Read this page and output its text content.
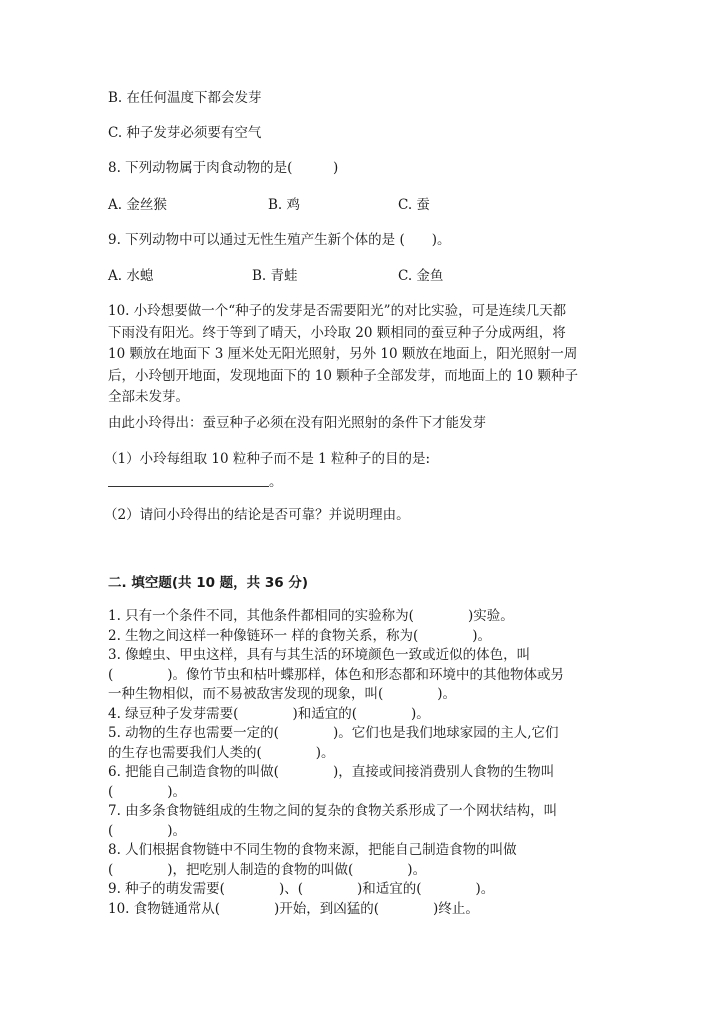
B. 在任何温度下都会发芽
C. 种子发芽必须要有空气
8. 下列动物属于肉食动物的是(　　　)
A. 金丝猴	B. 鸡	C. 蚕
9. 下列动物中可以通过无性生殖产生新个体的是 (　　)。
A. 水螅	B. 青蛙	C. 金鱼
10. 小玲想要做一个“种子的发芽是否需要阳光”的对比实验，可是连续几天都
下雨没有阳光。终于等到了晴天，小玲取 20 颗相同的蚕豆种子分成两组，将
10 颗放在地面下 3 厘米处无阳光照射，另外 10 颗放在地面上，阳光照射一周
后，小玲刨开地面，发现地面下的 10 颗种子全部发芽，而地面上的 10 颗种子
全部未发芽。
由此小玲得出：蚕豆种子必须在没有阳光照射的条件下才能发芽
（1）小玲每组取 10 粒种子而不是 1 粒种子的目的是:
。
（2）请问小玲得出的结论是否可靠？并说明理由。
二. 填空题(共 10 题，共 36 分)
1. 只有一个条件不同，其他条件都相同的实验称为(　　　　)实验。
2. 生物之间这样一种像链环一 样的食物关系，称为(　　　　)。
3. 像蝗虫、甲虫这样，具有与其生活的环境颜色一致或近似的体色，叫
(　　　　)。像竹节虫和枯叶蝶那样，体色和形态都和环境中的其他物体或另
一种生物相似，而不易被敌害发现的现象，叫(　　　　)。
4. 绿豆种子发芽需要(　　　　)和适宜的(　　　　)。
5. 动物的生存也需要一定的(　　　　)。它们也是我们地球家园的主人,它们
的生存也需要我们人类的(　　　　)。
6. 把能自己制造食物的叫做(　　　　)，直接或间接消费别人食物的生物叫
(　　　　)。
7. 由多条食物链组成的生物之间的复杂的食物关系形成了一个网状结构，叫
(　　　　)。
8. 人们根据食物链中不同生物的食物来源，把能自己制造食物的叫做
(　　　　)，把吃别人制造的食物的叫做(　　　　)。
9. 种子的萌发需要(　　　　)、(　　　　)和适宜的(　　　　)。
10. 食物链通常从(　　　　)开始，到凶猛的(　　　　)终止。
